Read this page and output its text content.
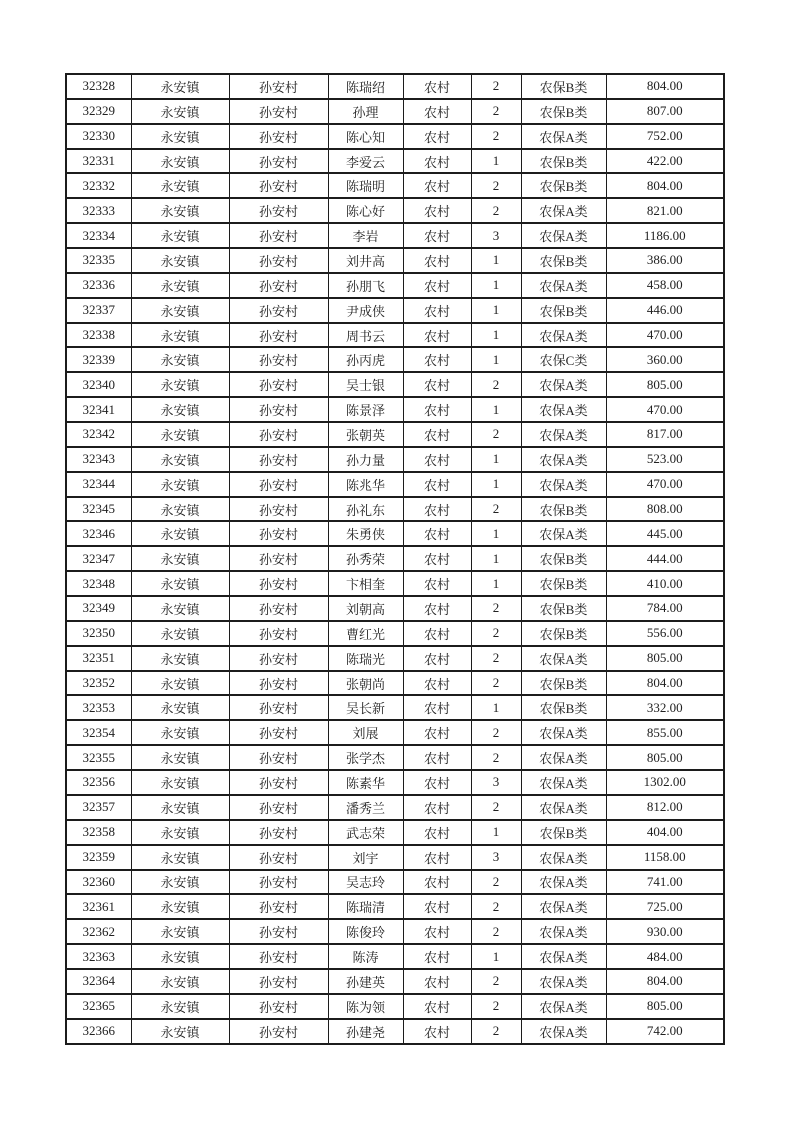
32328	永安镇	孙安村	陈瑞绍	农村	2	农保B类	804.00
32329	永安镇	孙安村	孙理	农村	2	农保B类	807.00
32330	永安镇	孙安村	陈心知	农村	2	农保A类	752.00
32331	永安镇	孙安村	李爱云	农村	1	农保B类	422.00
32332	永安镇	孙安村	陈瑞明	农村	2	农保B类	804.00
32333	永安镇	孙安村	陈心好	农村	2	农保A类	821.00
32334	永安镇	孙安村	李岩	农村	3	农保A类	1186.00
32335	永安镇	孙安村	刘井高	农村	1	农保B类	386.00
32336	永安镇	孙安村	孙朋飞	农村	1	农保A类	458.00
32337	永安镇	孙安村	尹成侠	农村	1	农保B类	446.00
32338	永安镇	孙安村	周书云	农村	1	农保A类	470.00
32339	永安镇	孙安村	孙丙虎	农村	1	农保C类	360.00
32340	永安镇	孙安村	吴士银	农村	2	农保A类	805.00
32341	永安镇	孙安村	陈景泽	农村	1	农保A类	470.00
32342	永安镇	孙安村	张朝英	农村	2	农保A类	817.00
32343	永安镇	孙安村	孙力量	农村	1	农保A类	523.00
32344	永安镇	孙安村	陈兆华	农村	1	农保A类	470.00
32345	永安镇	孙安村	孙礼东	农村	2	农保B类	808.00
32346	永安镇	孙安村	朱勇侠	农村	1	农保A类	445.00
32347	永安镇	孙安村	孙秀荣	农村	1	农保B类	444.00
32348	永安镇	孙安村	卞相奎	农村	1	农保B类	410.00
32349	永安镇	孙安村	刘朝高	农村	2	农保B类	784.00
32350	永安镇	孙安村	曹红光	农村	2	农保B类	556.00
32351	永安镇	孙安村	陈瑞光	农村	2	农保A类	805.00
32352	永安镇	孙安村	张朝尚	农村	2	农保B类	804.00
32353	永安镇	孙安村	吴长新	农村	1	农保B类	332.00
32354	永安镇	孙安村	刘展	农村	2	农保A类	855.00
32355	永安镇	孙安村	张学杰	农村	2	农保A类	805.00
32356	永安镇	孙安村	陈素华	农村	3	农保A类	1302.00
32357	永安镇	孙安村	潘秀兰	农村	2	农保A类	812.00
32358	永安镇	孙安村	武志荣	农村	1	农保B类	404.00
32359	永安镇	孙安村	刘宇	农村	3	农保A类	1158.00
32360	永安镇	孙安村	吴志玲	农村	2	农保A类	741.00
32361	永安镇	孙安村	陈瑞清	农村	2	农保A类	725.00
32362	永安镇	孙安村	陈俊玲	农村	2	农保A类	930.00
32363	永安镇	孙安村	陈涛	农村	1	农保A类	484.00
32364	永安镇	孙安村	孙建英	农村	2	农保A类	804.00
32365	永安镇	孙安村	陈为领	农村	2	农保A类	805.00
32366	永安镇	孙安村	孙建尧	农村	2	农保A类	742.00
